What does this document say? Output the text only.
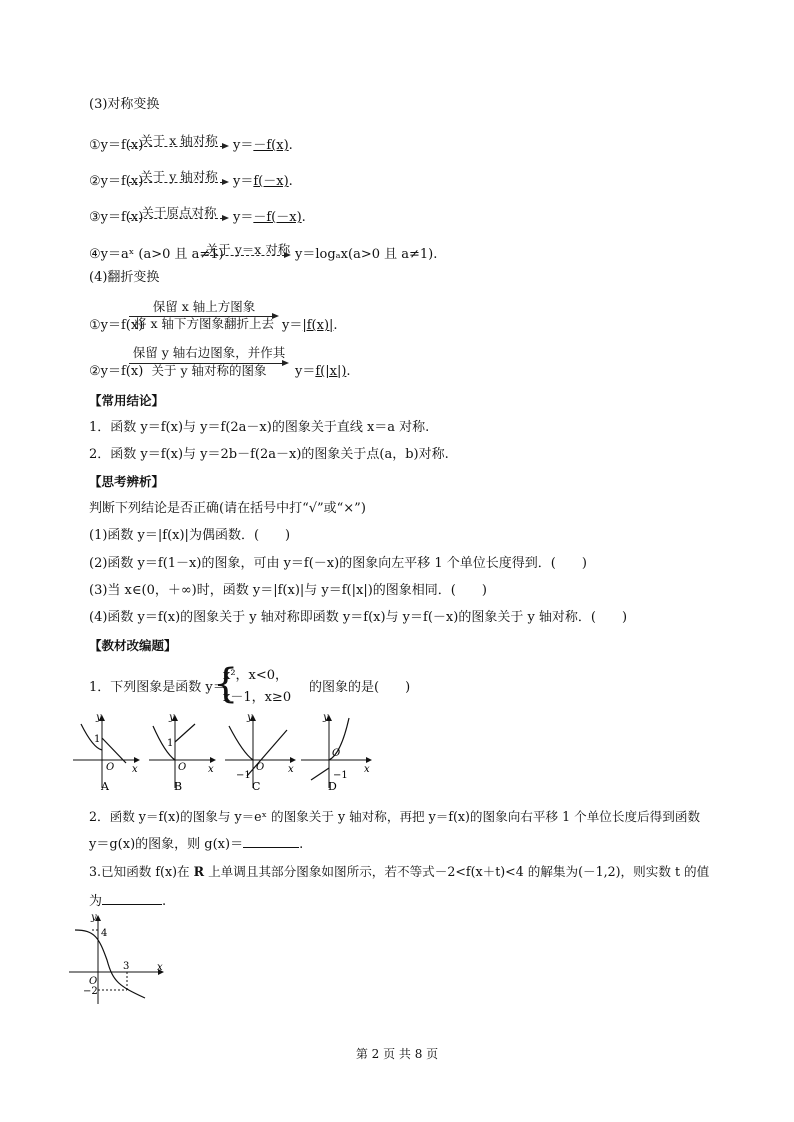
(3)对称变换
①y＝f(x)
关于 x 轴对称	y＝－f(x).
②y＝f(x)
关于 y 轴对称	y＝f(－x).
③y＝f(x)
关于原点对称	y＝－f(－x).
④y＝aˣ (a>0 且 a≠1)
关于 y＝x 对称 y＝logₐx(a>0 且 a≠1).
(4)翻折变换
①y＝f(x)
保留 x 轴上方图象
将 x 轴下方图象翻折上去 y＝|f(x)|.
②y＝f(x)
保留 y 轴右边图象，并作其
关于 y 轴对称的图象	y＝f(|x|).
【常用结论】
1．函数 y＝f(x)与 y＝f(2a－x)的图象关于直线 x＝a 对称.
2．函数 y＝f(x)与 y＝2b－f(2a－x)的图象关于点(a，b)对称.
【思考辨析】
判断下列结论是否正确(请在括号中打“√”或“×”)
(1)函数 y＝|f(x)|为偶函数．(　　)
(2)函数 y＝f(1－x)的图象，可由 y＝f(－x)的图象向左平移 1 个单位长度得到．(　　)
(3)当 x∈(0，＋∞)时，函数 y＝|f(x)|与 y＝f(|x|)的图象相同．(　　)
(4)函数 y＝f(x)的图象关于 y 轴对称即函数 y＝f(x)与 y＝f(－x)的图象关于 y 轴对称．(　　)
【教材改编题】
1．下列图象是函数 y＝
{
x²，x<0，
x－1，x≥0
的图象的是(　　)
y
1
O x
A
y
1
O x
B
y
O
−1
x
C
y
O
−1
x
D
2．函数 y＝f(x)的图象与 y＝eˣ 的图象关于 y 轴对称，再把 y＝f(x)的图象向右平移 1 个单位长度后得到函数
y＝g(x)的图象，则 g(x)＝	.
3.已知函数 f(x)在 R 上单调且其部分图象如图所示，若不等式－2<f(x＋t)<4 的解集为(－1,2)，则实数 t 的值
为	.
y
4
O
3
−2
x
第 2 页 共 8 页
